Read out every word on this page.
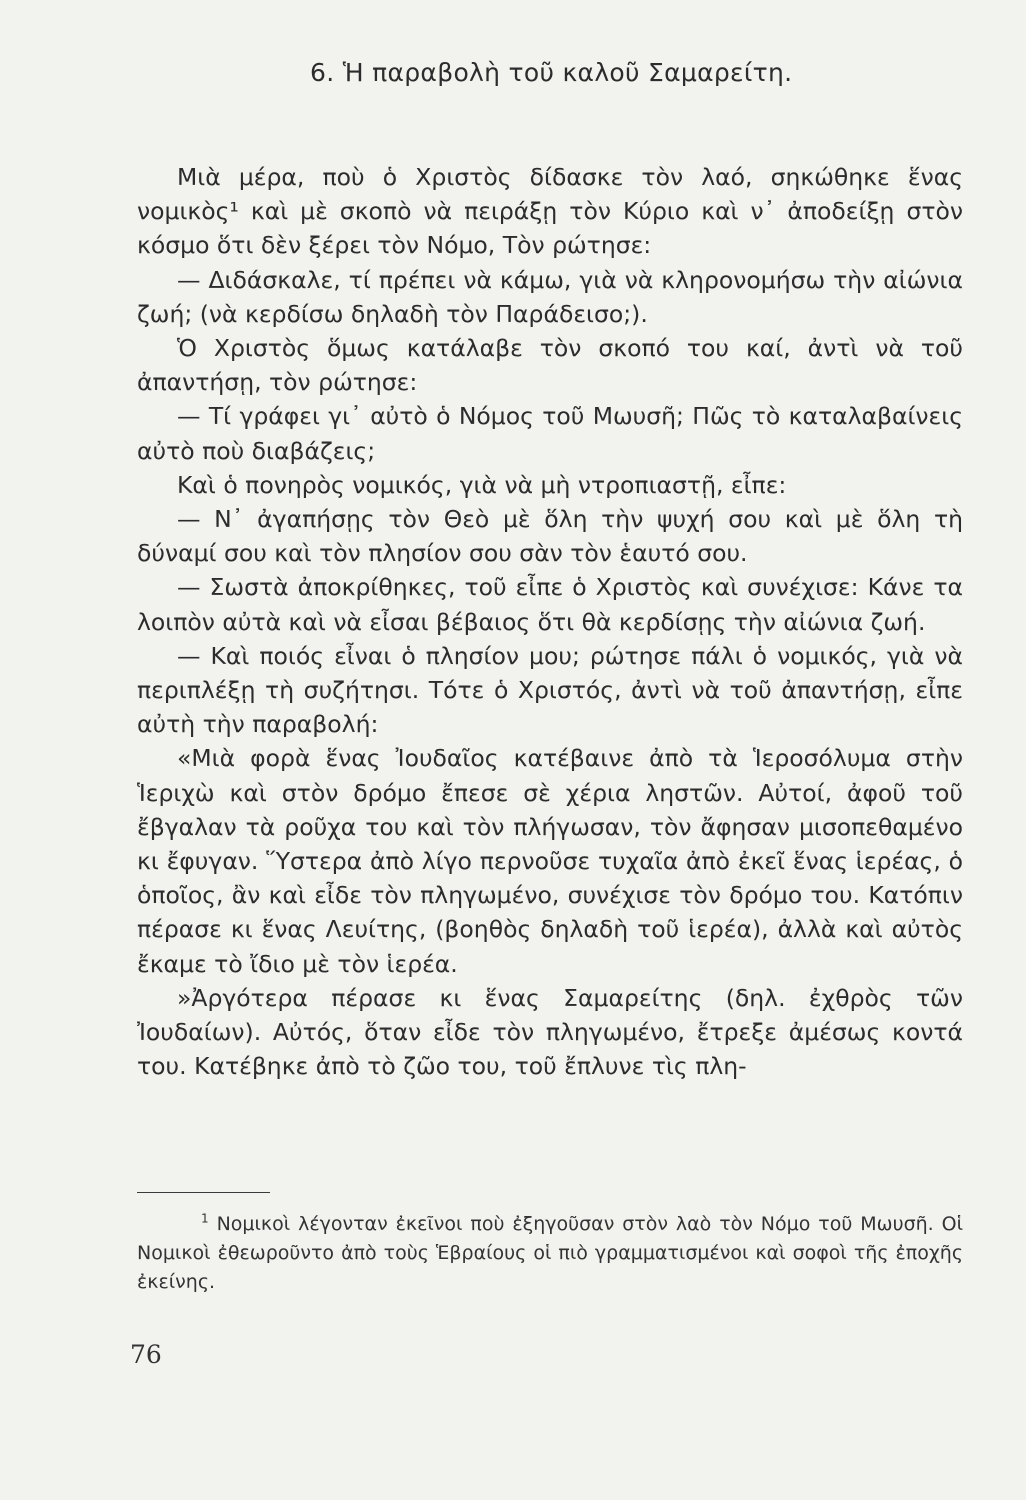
6. Ἡ παραβολὴ τοῦ καλοῦ Σαμαρείτη.

Μιὰ μέρα, ποὺ ὁ Χριστὸς δίδασκε τὸν λαό, σηκώθηκε ἕνας νομικὸς¹ καὶ μὲ σκοπὸ νὰ πειράξῃ τὸν Κύριο καὶ ν᾽ ἀποδείξῃ στὸν κόσμο ὅτι δὲν ξέρει τὸν Νόμο, Τὸν ρώτησε:

— Διδάσκαλε, τί πρέπει νὰ κάμω, γιὰ νὰ κληρονομήσω τὴν αἰώνια ζωή; (νὰ κερδίσω δηλαδὴ τὸν Παράδεισο;).

Ὁ Χριστὸς ὅμως κατάλαβε τὸν σκοπό του καί, ἀντὶ νὰ τοῦ ἀπαντήσῃ, τὸν ρώτησε:

— Τί γράφει γι᾽ αὐτὸ ὁ Νόμος τοῦ Μωυσῆ; Πῶς τὸ καταλαβαίνεις αὐτὸ ποὺ διαβάζεις;

Καὶ ὁ πονηρὸς νομικός, γιὰ νὰ μὴ ντροπιαστῇ, εἶπε:

— Ν᾽ ἀγαπήσῃς τὸν Θεὸ μὲ ὅλη τὴν ψυχή σου καὶ μὲ ὅλη τὴ δύναμί σου καὶ τὸν πλησίον σου σὰν τὸν ἑαυτό σου.

— Σωστὰ ἀποκρίθηκες, τοῦ εἶπε ὁ Χριστὸς καὶ συνέχισε: Κάνε τα λοιπὸν αὐτὰ καὶ νὰ εἶσαι βέβαιος ὅτι θὰ κερδίσῃς τὴν αἰώνια ζωή.

— Καὶ ποιός εἶναι ὁ πλησίον μου; ρώτησε πάλι ὁ νομικός, γιὰ νὰ περιπλέξῃ τὴ συζήτησι. Τότε ὁ Χριστός, ἀντὶ νὰ τοῦ ἀπαντήσῃ, εἶπε αὐτὴ τὴν παραβολή:

«Μιὰ φορὰ ἕνας Ἰουδαῖος κατέβαινε ἀπὸ τὰ Ἱεροσόλυμα στὴν Ἱεριχὼ καὶ στὸν δρόμο ἔπεσε σὲ χέρια ληστῶν. Αὐτοί, ἀφοῦ τοῦ ἔβγαλαν τὰ ροῦχα του καὶ τὸν πλήγωσαν, τὸν ἄφησαν μισοπεθαμένο κι ἔφυγαν. Ὕστερα ἀπὸ λίγο περνοῦσε τυχαῖα ἀπὸ ἐκεῖ ἕνας ἱερέας, ὁ ὁποῖος, ἂν καὶ εἶδε τὸν πληγωμένο, συνέχισε τὸν δρόμο του. Κατόπιν πέρασε κι ἕνας Λευίτης, (βοηθὸς δηλαδὴ τοῦ ἱερέα), ἀλλὰ καὶ αὐτὸς ἔκαμε τὸ ἴδιο μὲ τὸν ἱερέα.

»Ἀργότερα πέρασε κι ἕνας Σαμαρείτης (δηλ. ἐχθρὸς τῶν Ἰουδαίων). Αὐτός, ὅταν εἶδε τὸν πληγωμένο, ἔτρεξε ἀμέσως κοντά του. Κατέβηκε ἀπὸ τὸ ζῶο του, τοῦ ἔπλυνε τὶς πλη-

$^1$ Νομικοὶ λέγονταν ἐκεῖνοι ποὺ ἐξηγοῦσαν στὸν λαὸ τὸν Νόμο τοῦ Μωυσῆ. Οἱ Νομικοὶ ἐθεωροῦντο ἀπὸ τοὺς Ἑβραίους οἱ πιὸ γραμματισμένοι καὶ σοφοὶ τῆς ἐποχῆς ἐκείνης.

76
